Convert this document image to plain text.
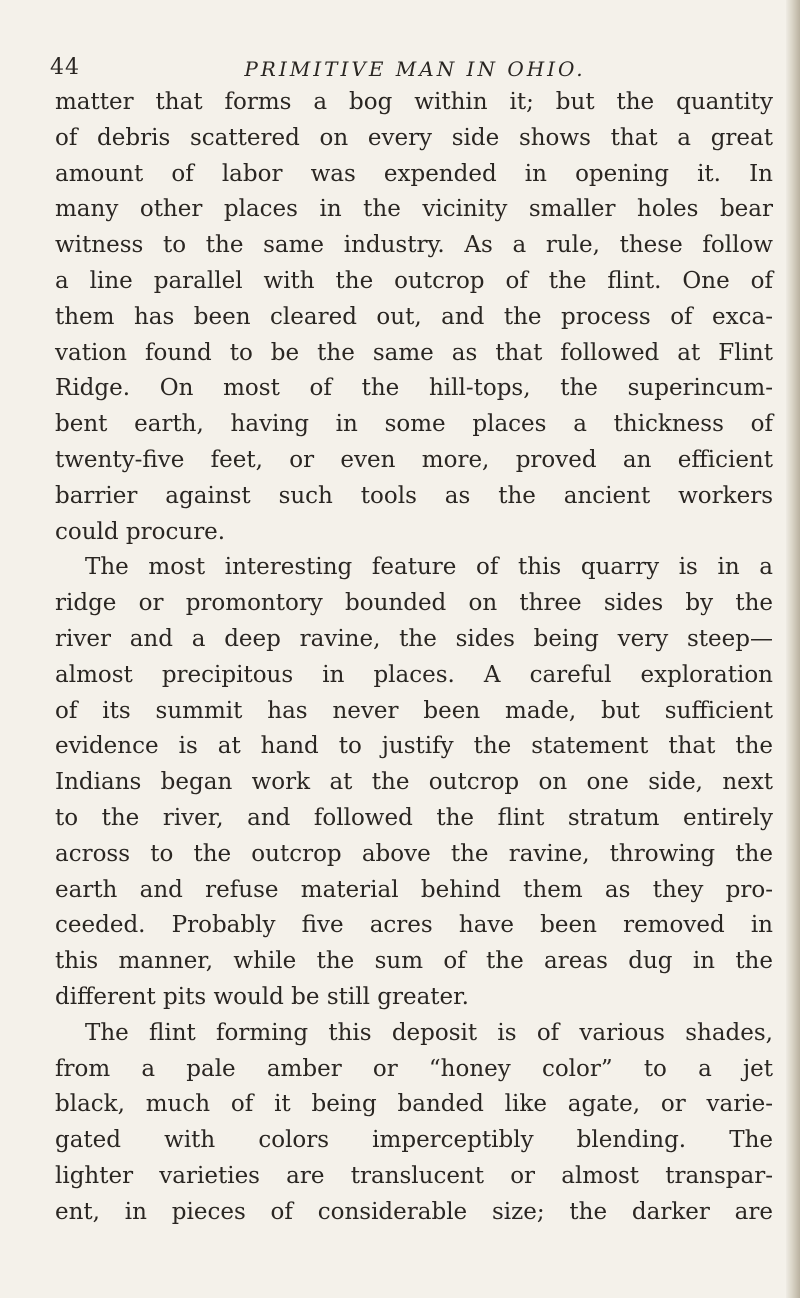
44	PRIMITIVE MAN IN OHIO.
matter that forms a bog within it; but the quantity
of debris scattered on every side shows that a great
amount of labor was expended in opening it. In
many other places in the vicinity smaller holes bear
witness to the same industry. As a rule, these follow
a line parallel with the outcrop of the flint. One of
them has been cleared out, and the process of exca-
vation found to be the same as that followed at Flint
Ridge. On most of the hill-tops, the superincum-
bent earth, having in some places a thickness of
twenty-five feet, or even more, proved an efficient
barrier against such tools as the ancient workers
could procure.
The most interesting feature of this quarry is in a
ridge or promontory bounded on three sides by the
river and a deep ravine, the sides being very steep—
almost precipitous in places. A careful exploration
of its summit has never been made, but sufficient
evidence is at hand to justify the statement that the
Indians began work at the outcrop on one side, next
to the river, and followed the flint stratum entirely
across to the outcrop above the ravine, throwing the
earth and refuse material behind them as they pro-
ceeded. Probably five acres have been removed in
this manner, while the sum of the areas dug in the
different pits would be still greater.
The flint forming this deposit is of various shades,
from a pale amber or “honey color” to a jet
black, much of it being banded like agate, or varie-
gated with colors imperceptibly blending. The
lighter varieties are translucent or almost transpar-
ent, in pieces of considerable size; the darker are
